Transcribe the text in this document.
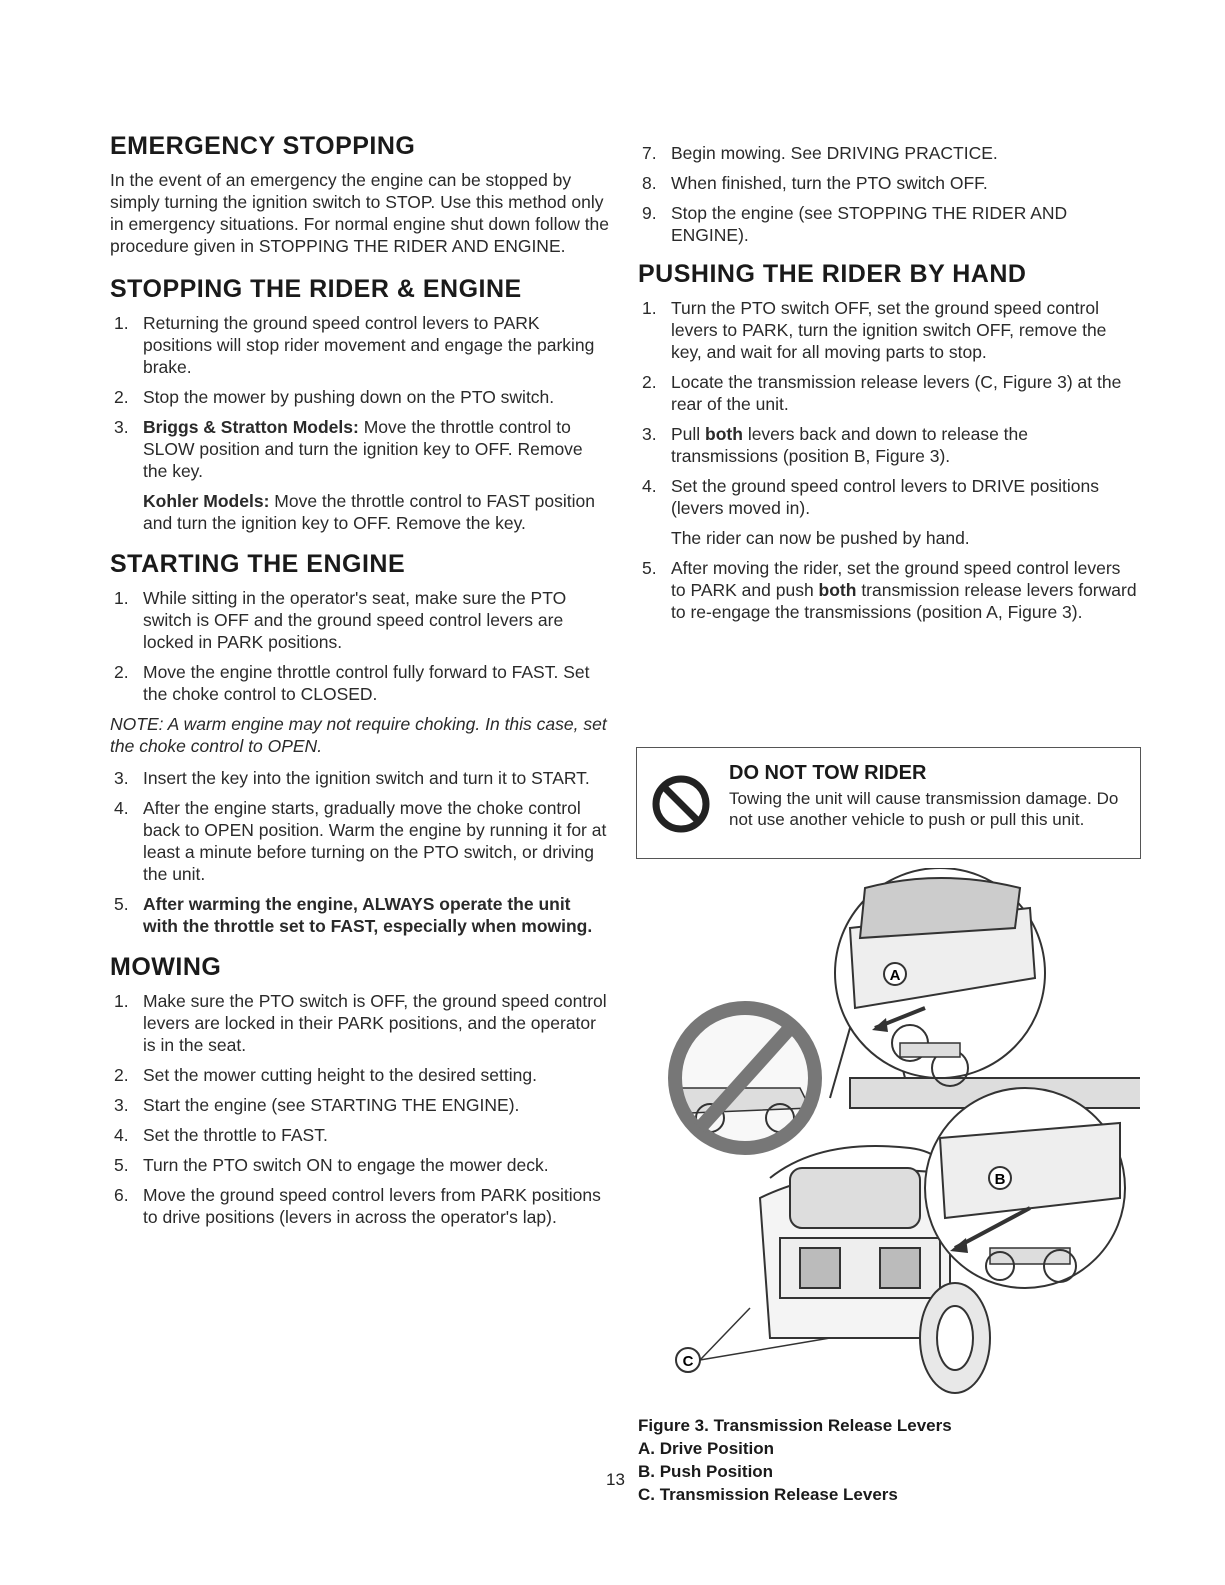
EMERGENCY STOPPING

In the event of an emergency the engine can be stopped by simply turning the ignition switch to STOP. Use this method only in emergency situations. For normal engine shut down follow the procedure given in STOPPING THE RIDER AND ENGINE.

STOPPING THE RIDER & ENGINE
1. Returning the ground speed control levers to PARK positions will stop rider movement and engage the parking brake.
2. Stop the mower by pushing down on the PTO switch.
3. Briggs & Stratton Models: Move the throttle control to SLOW position and turn the ignition key to OFF. Remove the key.
Kohler Models: Move the throttle control to FAST position and turn the ignition key to OFF. Remove the key.
STARTING THE ENGINE
1. While sitting in the operator's seat, make sure the PTO switch is OFF and the ground speed control levers are locked in PARK positions.
2. Move the engine throttle control fully forward to FAST. Set the choke control to CLOSED.

NOTE: A warm engine may not require choking. In this case, set the choke control to OPEN.

3. Insert the key into the ignition switch and turn it to START.
4. After the engine starts, gradually move the choke control back to OPEN position. Warm the engine by running it for at least a minute before turning on the PTO switch, or driving the unit.
5. After warming the engine, ALWAYS operate the unit with the throttle set to FAST, especially when mowing.
MOWING
1. Make sure the PTO switch is OFF, the ground speed control levers are locked in their PARK positions, and the operator is in the seat.
2. Set the mower cutting height to the desired setting.
3. Start the engine (see STARTING THE ENGINE).
4. Set the throttle to FAST.
5. Turn the PTO switch ON to engage the mower deck.
6. Move the ground speed control levers from PARK positions to drive positions (levers in across the operator's lap).
7. Begin mowing. See DRIVING PRACTICE.
8. When finished, turn the PTO switch OFF.
9. Stop the engine (see STOPPING THE RIDER AND ENGINE).
PUSHING THE RIDER BY HAND
1. Turn the PTO switch OFF, set the ground speed control levers to PARK, turn the ignition switch OFF, remove the key, and wait for all moving parts to stop.
2. Locate the transmission release levers (C, Figure 3) at the rear of the unit.
3. Pull both levers back and down to release the transmissions (position B, Figure 3).
4. Set the ground speed control levers to DRIVE positions (levers moved in).
The rider can now be pushed by hand.
5. After moving the rider, set the ground speed control levers to PARK and push both transmission release levers forward to re-engage the transmissions (position A, Figure 3).
DO NOT TOW RIDER
Towing the unit will cause transmission damage. Do not use another vehicle to push or pull this unit.
A
B
C
Figure 3. Transmission Release Levers
A. Drive Position
B. Push Position
C. Transmission Release Levers
13
